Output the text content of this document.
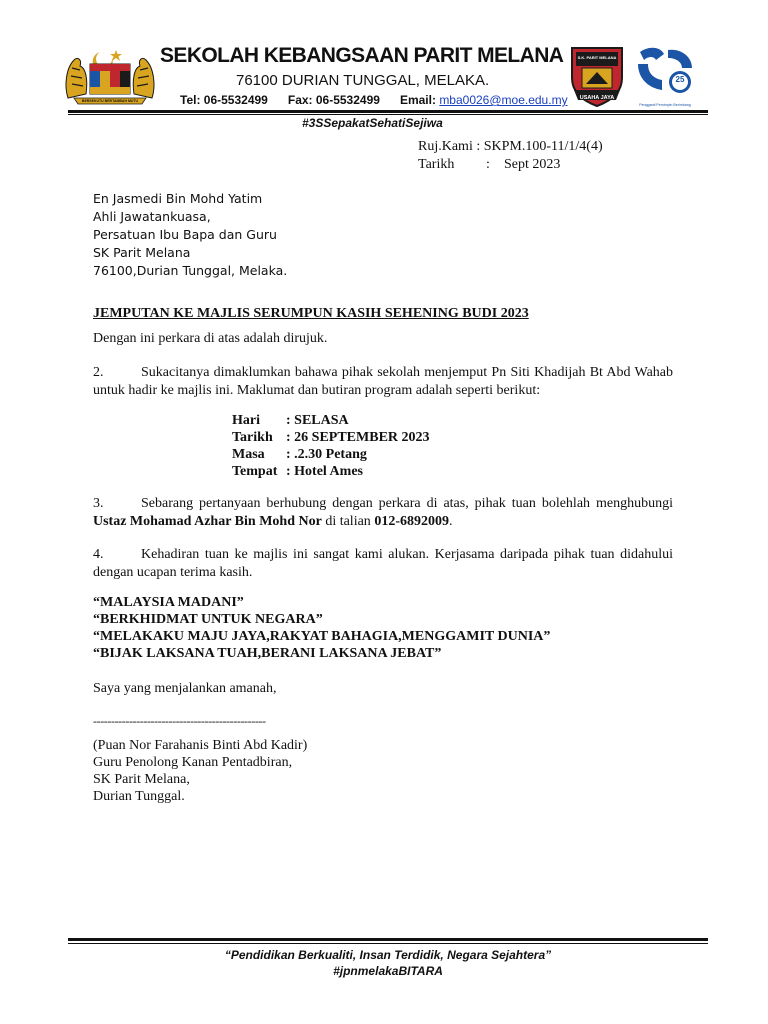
BERSEKUTU BERTAMBAH MUTU
S.K. PARIT MELANA
USAHA JAYA
25
Pengganti Pemimpin Berimbang
SEKOLAH KEBANGSAAN PARIT MELANA
76100 DURIAN TUNGGAL, MELAKA.
Tel: 06-5532499 Fax: 06-5532499 Email: mba0026@moe.edu.my
#3SSepakatSehatiSejiwa
Ruj.Kami : SKPM.100-11/1/4(4)
Tarikh : Sept 2023
En Jasmedi Bin Mohd Yatim
Ahli Jawatankuasa,
Persatuan Ibu Bapa dan Guru
SK Parit Melana
76100,Durian Tunggal, Melaka.
JEMPUTAN KE MAJLIS SERUMPUN KASIH SEHENING BUDI 2023
Dengan ini perkara di atas adalah dirujuk.
2.	Sukacitanya dimaklumkan bahawa pihak sekolah menjemput Pn Siti Khadijah Bt Abd Wahab untuk hadir ke majlis ini. Maklumat dan butiran program adalah seperti berikut:
Hari : SELASA
Tarikh : 26 SEPTEMBER 2023
Masa : .2.30 Petang
Tempat : Hotel Ames
3.	Sebarang pertanyaan berhubung dengan perkara di atas, pihak tuan bolehlah menghubungi Ustaz Mohamad Azhar Bin Mohd Nor di talian 012-6892009.
4.	Kehadiran tuan ke majlis ini sangat kami alukan. Kerjasama daripada pihak tuan didahului dengan ucapan terima kasih.
“MALAYSIA MADANI”
“BERKHIDMAT UNTUK NEGARA”
“MELAKAKU MAJU JAYA,RAKYAT BAHAGIA,MENGGAMIT DUNIA”
“BIJAK LAKSANA TUAH,BERANI LAKSANA JEBAT”
Saya yang menjalankan amanah,
------------------------------------------------
(Puan Nor Farahanis Binti Abd Kadir)
Guru Penolong Kanan Pentadbiran,
SK Parit Melana,
Durian Tunggal.
“Pendidikan Berkualiti, Insan Terdidik, Negara Sejahtera”
#jpnmelakaBITARA
